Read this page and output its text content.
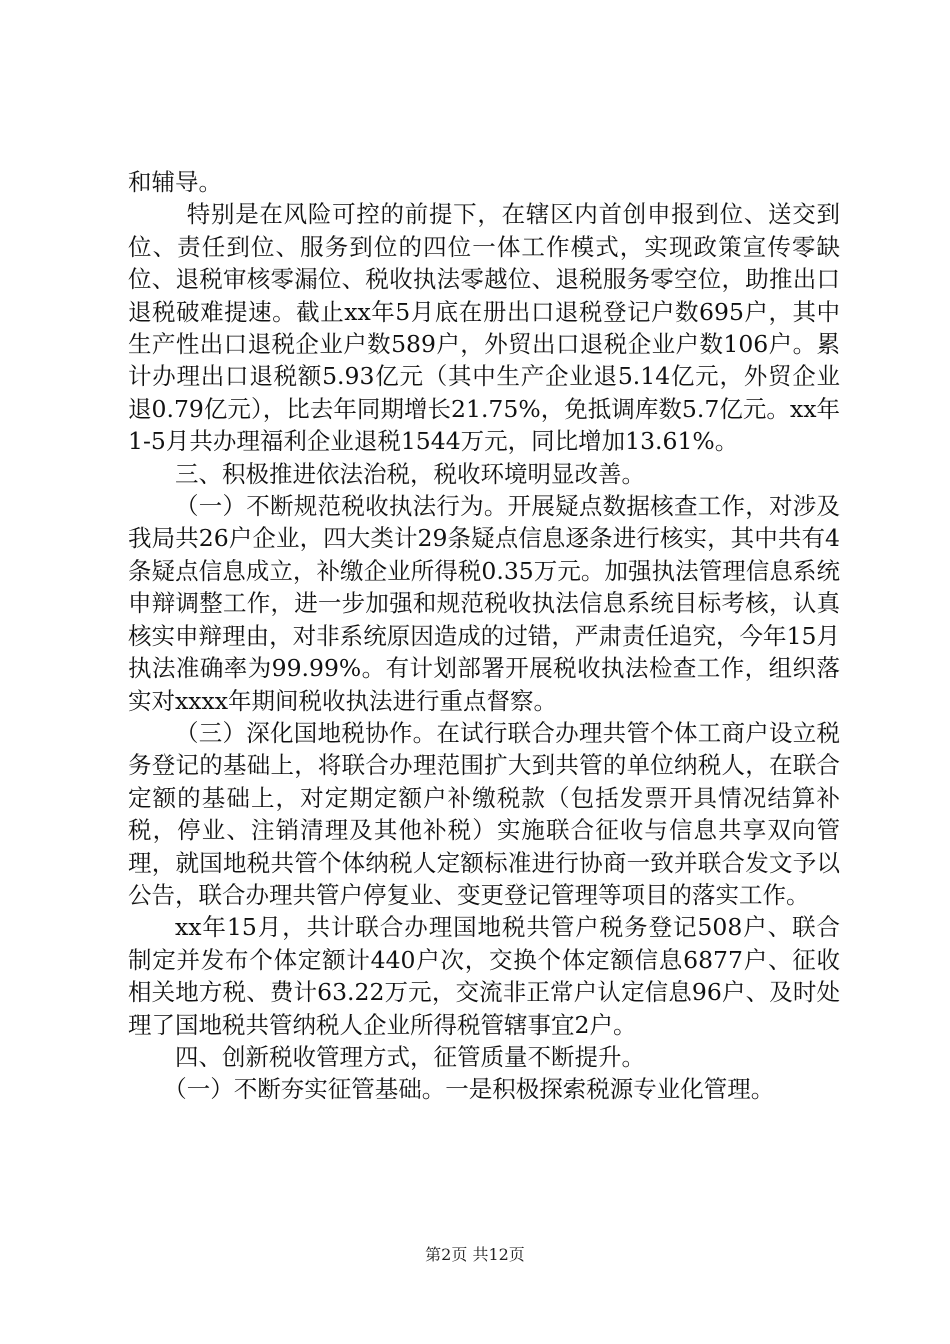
和辅导。

特别是在风险可控的前提下，在辖区内首创申报到位、送交到位、责任到位、服务到位的四位一体工作模式，实现政策宣传零缺位、退税审核零漏位、税收执法零越位、退税服务零空位，助推出口退税破难提速。截止xx年5月底在册出口退税登记户数695户，其中生产性出口退税企业户数589户，外贸出口退税企业户数106户。累计办理出口退税额5.93亿元（其中生产企业退5.14亿元，外贸企业退0.79亿元），比去年同期增长21.75%，免抵调库数5.7亿元。xx年1-5月共办理福利企业退税1544万元，同比增加13.61%。

三、积极推进依法治税，税收环境明显改善。

（一）不断规范税收执法行为。开展疑点数据核查工作，对涉及我局共26户企业，四大类计29条疑点信息逐条进行核实，其中共有4条疑点信息成立，补缴企业所得税0.35万元。加强执法管理信息系统申辩调整工作，进一步加强和规范税收执法信息系统目标考核，认真核实申辩理由，对非系统原因造成的过错，严肃责任追究，今年15月执法准确率为99.99%。有计划部署开展税收执法检查工作，组织落实对xxxx年期间税收执法进行重点督察。

（三）深化国地税协作。在试行联合办理共管个体工商户设立税务登记的基础上，将联合办理范围扩大到共管的单位纳税人，在联合定额的基础上，对定期定额户补缴税款（包括发票开具情况结算补税，停业、注销清理及其他补税）实施联合征收与信息共享双向管理，就国地税共管个体纳税人定额标准进行协商一致并联合发文予以公告，联合办理共管户停复业、变更登记管理等项目的落实工作。

xx年15月，共计联合办理国地税共管户税务登记508户、联合制定并发布个体定额计440户次，交换个体定额信息6877户、征收相关地方税、费计63.22万元，交流非正常户认定信息96户、及时处理了国地税共管纳税人企业所得税管辖事宜2户。

四、创新税收管理方式，征管质量不断提升。

（一）不断夯实征管基础。一是积极探索税源专业化管理。

第2页 共12页
